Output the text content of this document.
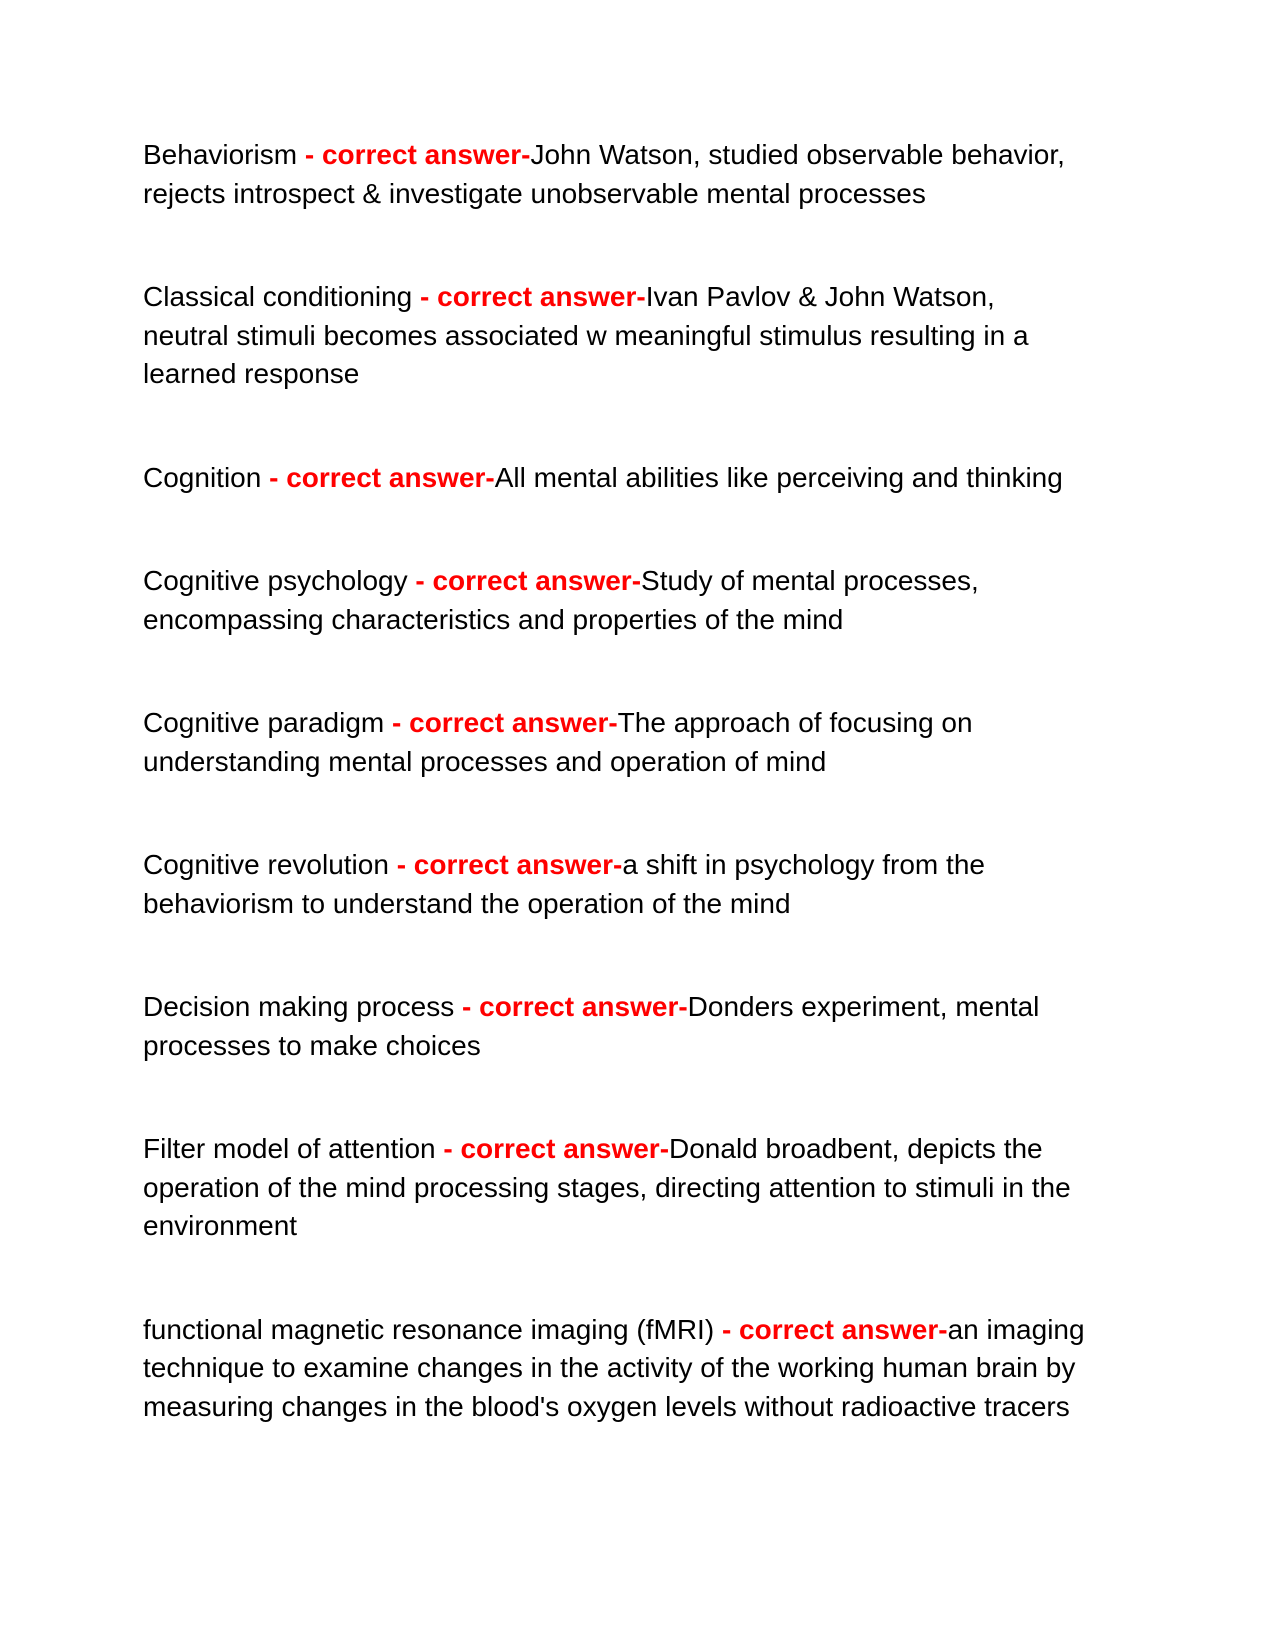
Behaviorism - correct answer-John Watson, studied observable behavior, rejects introspect & investigate unobservable mental processes

Classical conditioning - correct answer-Ivan Pavlov & John Watson, neutral stimuli becomes associated w meaningful stimulus resulting in a learned response

Cognition - correct answer-All mental abilities like perceiving and thinking

Cognitive psychology - correct answer-Study of mental processes, encompassing characteristics and properties of the mind

Cognitive paradigm - correct answer-The approach of focusing on understanding mental processes and operation of mind

Cognitive revolution - correct answer-a shift in psychology from the behaviorism to understand the operation of the mind

Decision making process - correct answer-Donders experiment, mental processes to make choices

Filter model of attention - correct answer-Donald broadbent, depicts the operation of the mind processing stages, directing attention to stimuli in the environment

functional magnetic resonance imaging (fMRI) - correct answer-an imaging technique to examine changes in the activity of the working human brain by measuring changes in the blood's oxygen levels without radioactive tracers
